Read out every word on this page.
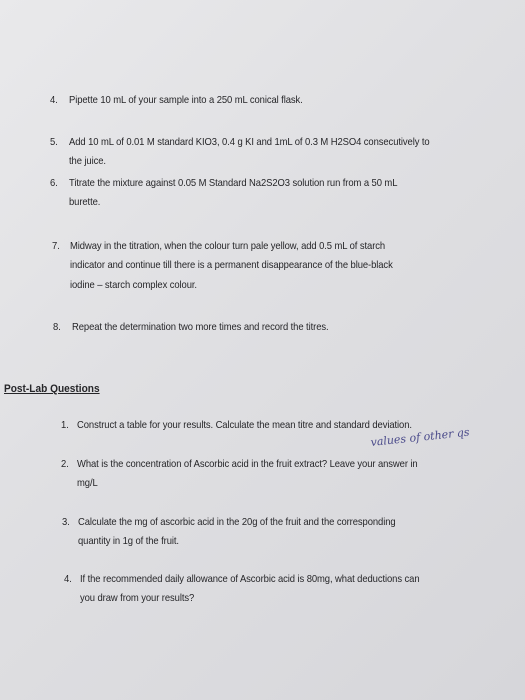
4. Pipette 10 mL of your sample into a 250 mL conical flask.
5. Add 10 mL of 0.01 M standard KIO3, 0.4 g KI and 1mL of 0.3 M H2SO4 consecutively to
the juice.
6. Titrate the mixture against 0.05 M Standard Na2S2O3 solution run from a 50 mL
burette.
7. Midway in the titration, when the colour turn pale yellow, add 0.5 mL of starch
indicator and continue till there is a permanent disappearance of the blue-black
iodine – starch complex colour.
8. Repeat the determination two more times and record the titres.
Post-Lab Questions
values of other qs
1. Construct a table for your results. Calculate the mean titre and standard deviation.
2. What is the concentration of Ascorbic acid in the fruit extract? Leave your answer in
mg/L
3. Calculate the mg of ascorbic acid in the 20g of the fruit and the corresponding
quantity in 1g of the fruit.
4. If the recommended daily allowance of Ascorbic acid is 80mg, what deductions can
you draw from your results?
